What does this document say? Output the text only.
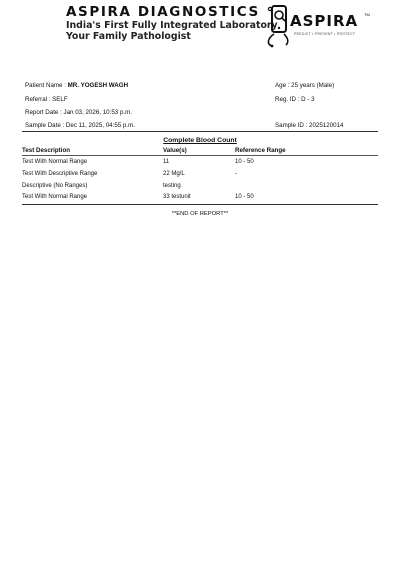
ASPIRA DIAGNOSTICS
India's First Fully Integrated Laboratory
Your Family Pathologist
ASPIRA TM
PREDICT • PREVENT • PROTECT
Patient Name : MR. YOGESH WAGH	Age : 25 years (Male)
Referral : SELF	Reg. ID : D - 3
Report Date : Jan 03, 2026, 10:53 p.m.
Sample Date : Dec 11, 2025, 04:55 p.m.	Sample ID : 2025120014
Complete Blood Count
Test Description	Value(s)	Reference Range
Test With Normal Range	11	10 - 50
Test With Descriptive Range	22 Mg/L	-
Descriptive (No Ranges)	testing
Test With Normal Range	33 testunit	10 - 50
**END OF REPORT**
